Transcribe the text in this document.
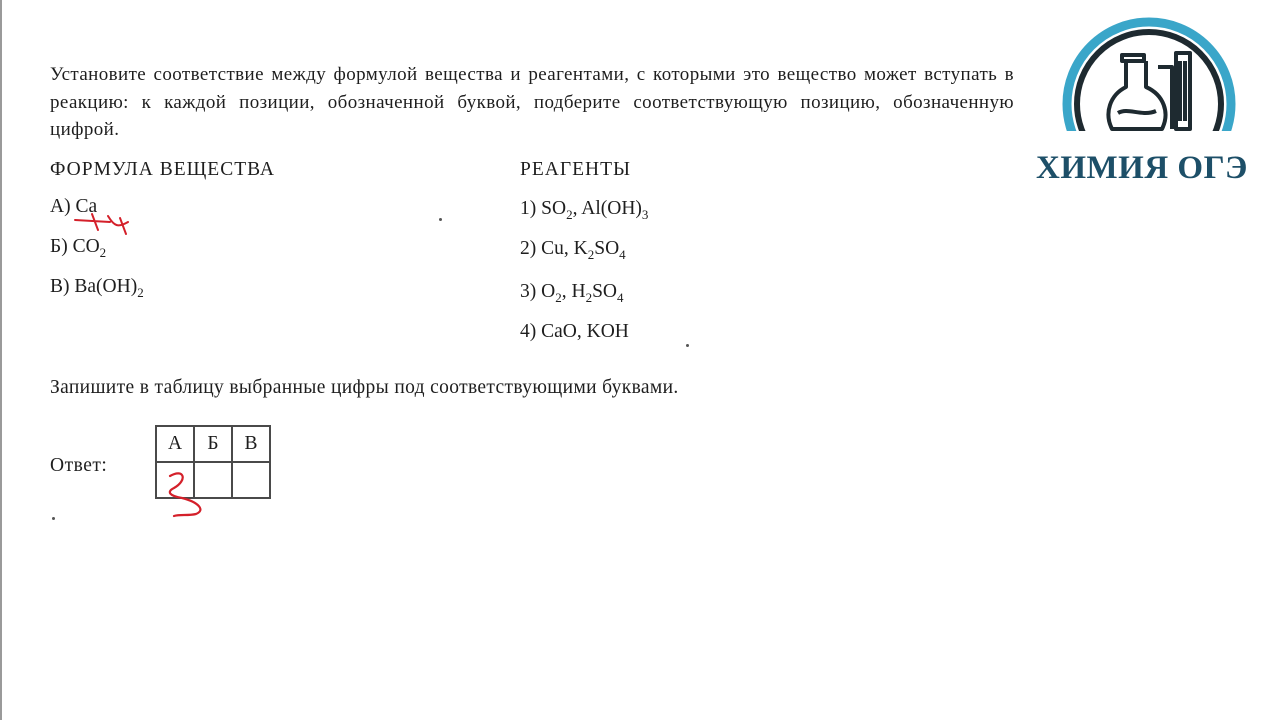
Установите соответствие между формулой вещества и реагентами, с которыми это вещество может вступать в реакцию: к каждой позиции, обозначенной буквой, подберите соответствующую позицию, обозначенную цифрой.
ФОРМУЛА ВЕЩЕСТВА
А) Ca
Б) $CO_2$
В) $Ba(OH)_2$
РЕАГЕНТЫ
1) $SO_2$, $Al(OH)_3$
2) Cu, $K_2SO_4$
3) $O_2$, $H_2SO_4$
4) CaO, KOH
Запишите в таблицу выбранные цифры под соответствующими буквами.
Ответ:
А	Б	В

ХИМИЯ ОГЭ
